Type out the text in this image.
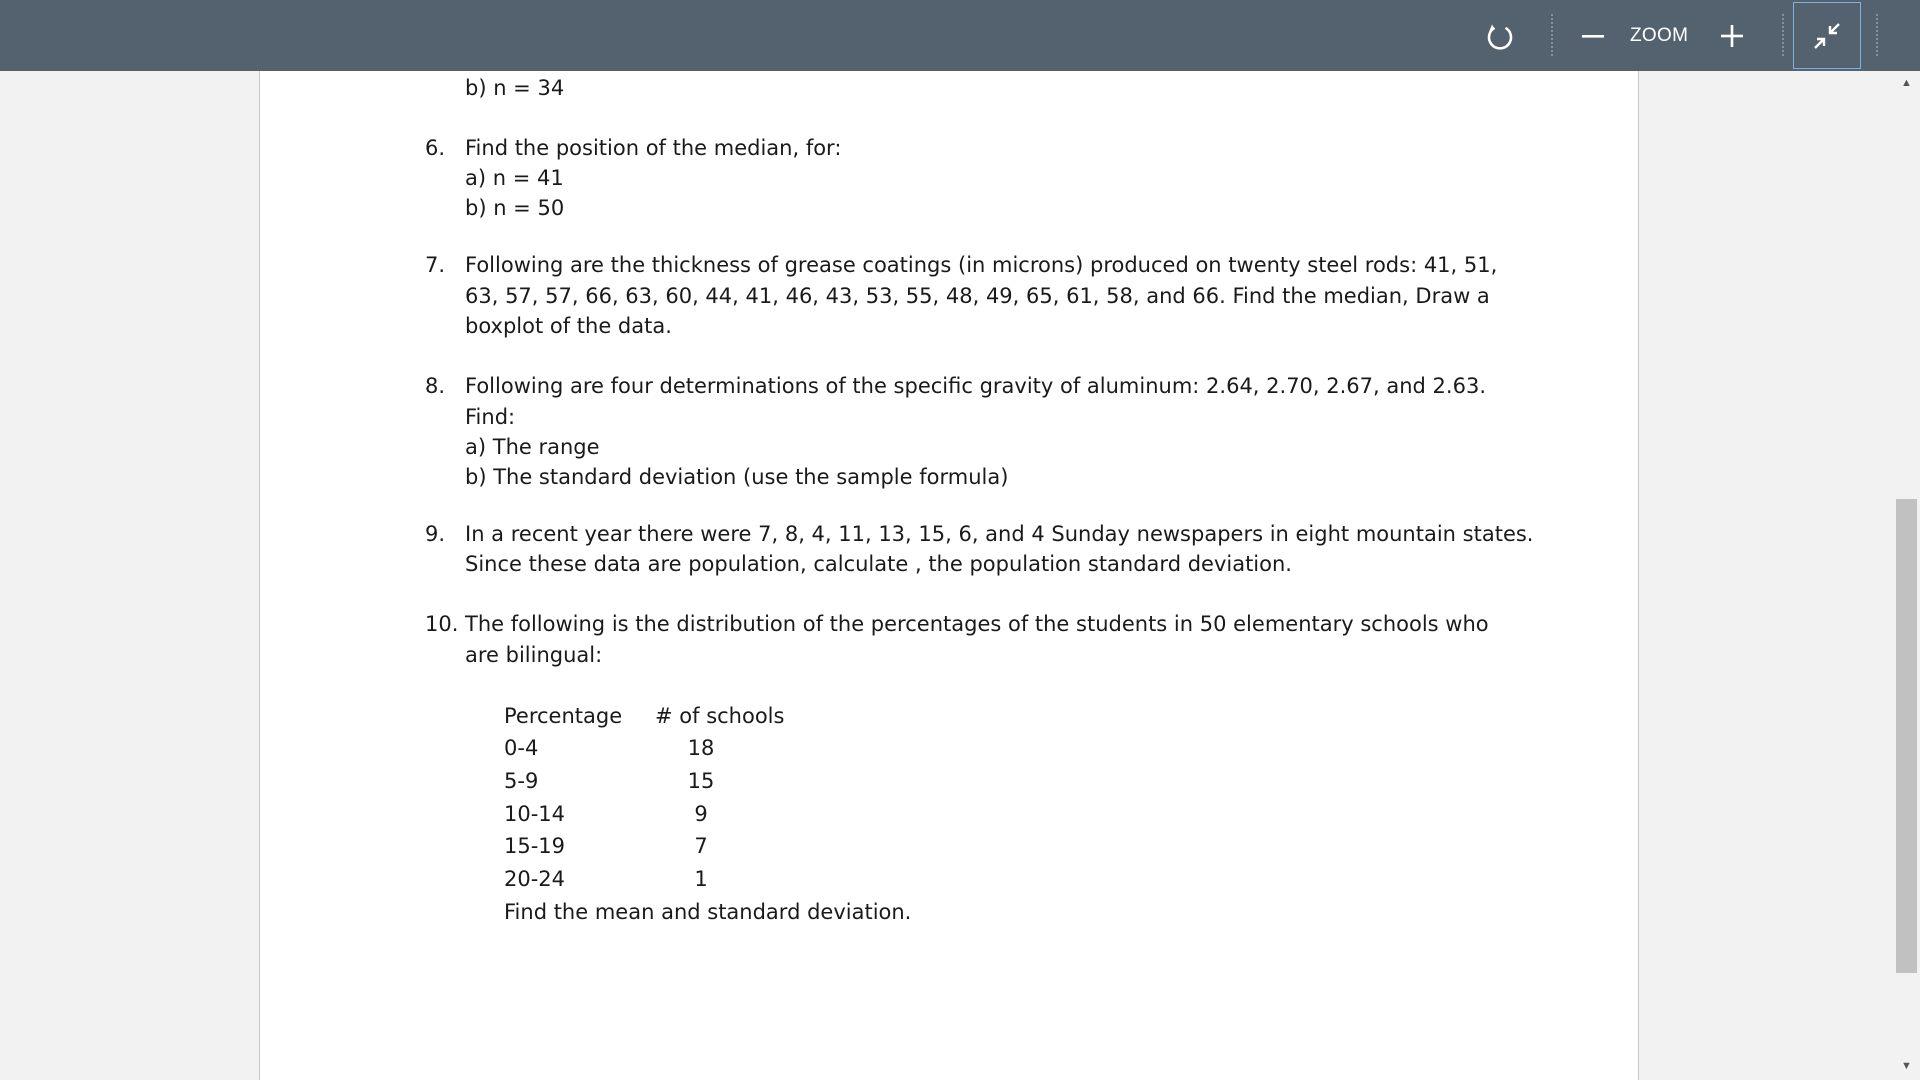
ZOOM
b) n = 34
6. Find the position of the median, for:
a) n = 41
b) n = 50
7. Following are the thickness of grease coatings (in microns) produced on twenty steel rods: 41, 51,
63, 57, 57, 66, 63, 60, 44, 41, 46, 43, 53, 55, 48, 49, 65, 61, 58, and 66. Find the median, Draw a
boxplot of the data.
8. Following are four determinations of the specific gravity of aluminum: 2.64, 2.70, 2.67, and 2.63.
Find:
a) The range
b) The standard deviation (use the sample formula)
9. In a recent year there were 7, 8, 4, 11, 13, 15, 6, and 4 Sunday newspapers in eight mountain states.
Since these data are population, calculate , the population standard deviation.
10. The following is the distribution of the percentages of the students in 50 elementary schools who
are bilingual:
Percentage # of schools
0-4	18
5-9	15
10-14	9
15-19	7
20-24	1
Find the mean and standard deviation.
▲
▼
